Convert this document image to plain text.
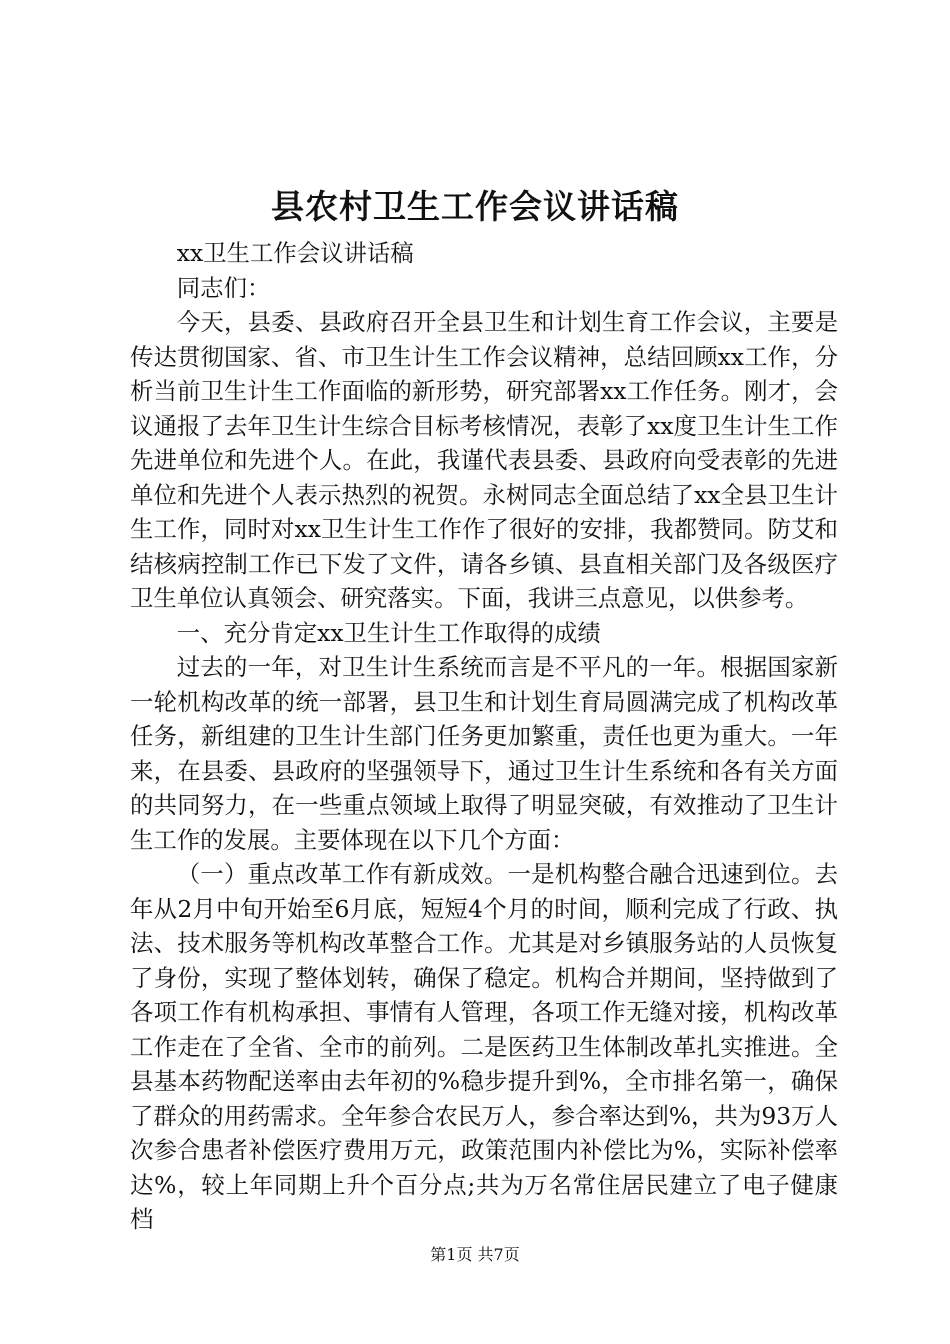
县农村卫生工作会议讲话稿

xx卫生工作会议讲话稿

同志们：

今天，县委、县政府召开全县卫生和计划生育工作会议，主要是传达贯彻国家、省、市卫生计生工作会议精神，总结回顾xx工作，分析当前卫生计生工作面临的新形势，研究部署xx工作任务。刚才，会议通报了去年卫生计生综合目标考核情况，表彰了xx度卫生计生工作先进单位和先进个人。在此，我谨代表县委、县政府向受表彰的先进单位和先进个人表示热烈的祝贺。永树同志全面总结了xx全县卫生计生工作，同时对xx卫生计生工作作了很好的安排，我都赞同。防艾和结核病控制工作已下发了文件，请各乡镇、县直相关部门及各级医疗卫生单位认真领会、研究落实。下面，我讲三点意见，以供参考。

一、充分肯定xx卫生计生工作取得的成绩

过去的一年，对卫生计生系统而言是不平凡的一年。根据国家新一轮机构改革的统一部署，县卫生和计划生育局圆满完成了机构改革任务，新组建的卫生计生部门任务更加繁重，责任也更为重大。一年来，在县委、县政府的坚强领导下，通过卫生计生系统和各有关方面的共同努力，在一些重点领域上取得了明显突破，有效推动了卫生计生工作的发展。主要体现在以下几个方面：

（一）重点改革工作有新成效。一是机构整合融合迅速到位。去年从2月中旬开始至6月底，短短4个月的时间，顺利完成了行政、执法、技术服务等机构改革整合工作。尤其是对乡镇服务站的人员恢复了身份，实现了整体划转，确保了稳定。机构合并期间，坚持做到了各项工作有机构承担、事情有人管理，各项工作无缝对接，机构改革工作走在了全省、全市的前列。二是医药卫生体制改革扎实推进。全县基本药物配送率由去年初的%稳步提升到%，全市排名第一，确保了群众的用药需求。全年参合农民万人，参合率达到%，共为93万人次参合患者补偿医疗费用万元，政策范围内补偿比为%，实际补偿率达%，较上年同期上升个百分点;共为万名常住居民建立了电子健康档

第1页 共7页
